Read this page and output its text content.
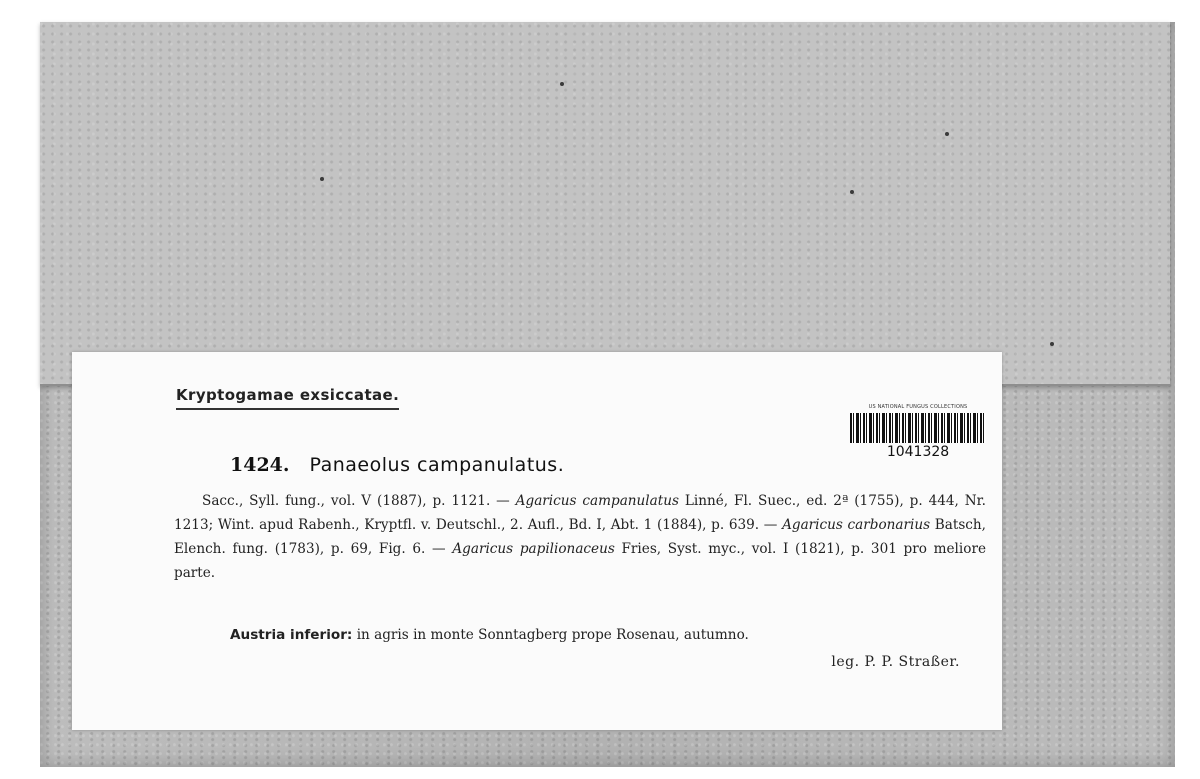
Kryptogamae exsiccatae.
US NATIONAL FUNGUS COLLECTIONS
1041328
1424. Panaeolus campanulatus.

Sacc., Syll. fung., vol. V (1887), p. 1121. — Agaricus campanulatus Linné, Fl. Suec., ed. 2ª (1755), p. 444, Nr. 1213; Wint. apud Rabenh., Kryptfl. v. Deutschl., 2. Aufl., Bd. I, Abt. 1 (1884), p. 639. — Agaricus carbonarius Batsch, Elench. fung. (1783), p. 69, Fig. 6. — Agaricus papilionaceus Fries, Syst. myc., vol. I (1821), p. 301 pro meliore parte.

Austria inferior: in agris in monte Sonntagberg prope Rosenau, autumno.
leg. P. P. Straßer.
